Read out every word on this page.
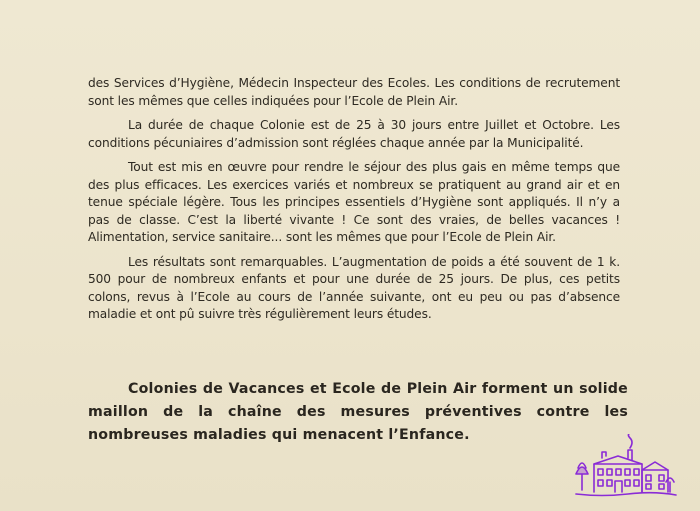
des Services d’Hygiène, Médecin Inspecteur des Ecoles. Les conditions de recrutement sont les mêmes que celles indiquées pour l’Ecole de Plein Air.

La durée de chaque Colonie est de 25 à 30 jours entre Juillet et Octobre. Les conditions pécuniaires d’admission sont réglées chaque année par la Municipalité.

Tout est mis en œuvre pour rendre le séjour des plus gais en même temps que des plus efficaces. Les exercices variés et nombreux se pratiquent au grand air et en tenue spéciale légère. Tous les principes essentiels d’Hygiène sont appliqués. Il n’y a pas de classe. C’est la liberté vivante ! Ce sont des vraies, de belles vacances ! Alimentation, service sanitaire... sont les mêmes que pour l’Ecole de Plein Air.

Les résultats sont remarquables. L’augmentation de poids a été souvent de 1 k. 500 pour de nombreux enfants et pour une durée de 25 jours. De plus, ces petits colons, revus à l’Ecole au cours de l’année suivante, ont eu peu ou pas d’absence maladie et ont pû suivre très régulièrement leurs études.

Colonies de Vacances et Ecole de Plein Air forment un solide maillon de la chaîne des mesures préventives contre les nombreuses maladies qui menacent l’Enfance.
